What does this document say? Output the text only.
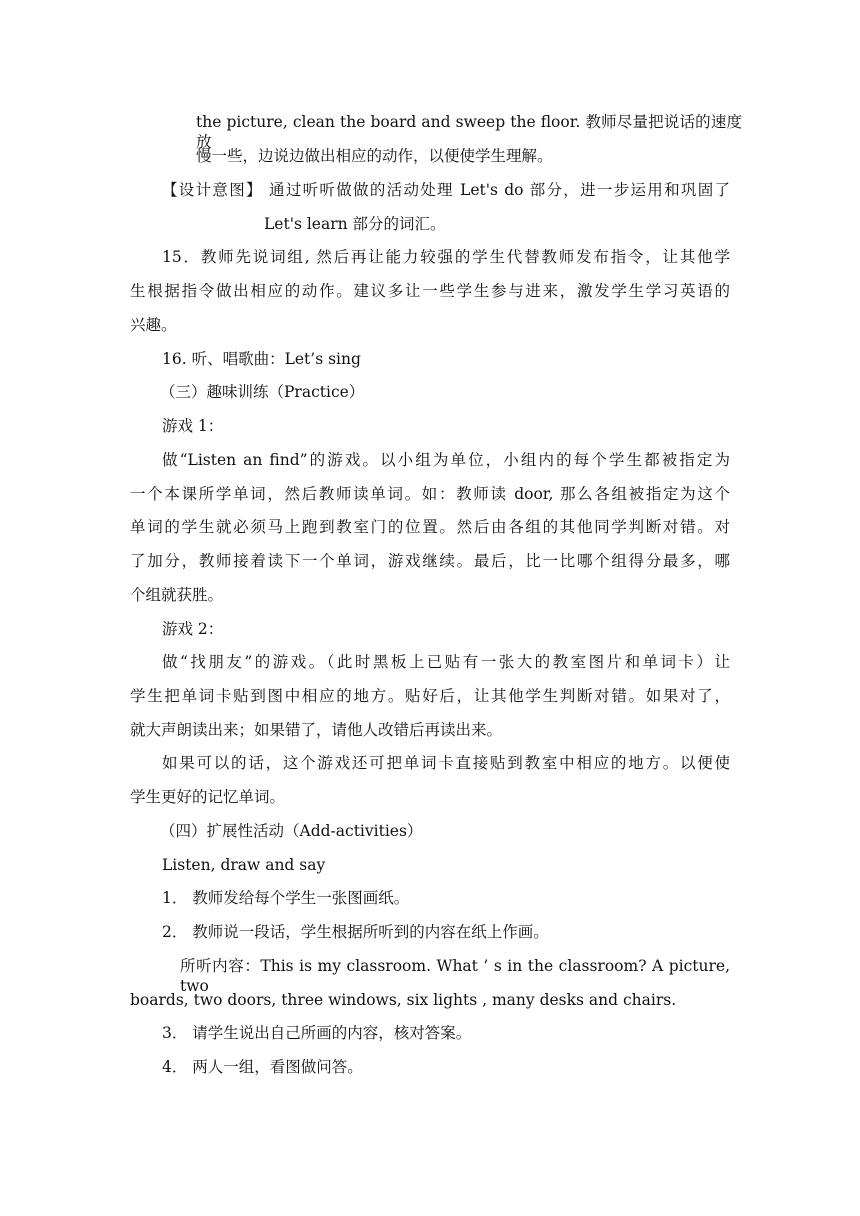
the picture, clean the board and sweep the floor. 教师尽量把说话的速度放
慢一些，边说边做出相应的动作，以便使学生理解。
【设计意图】 通过听听做做的活动处理 Let's do 部分，进一步运用和巩固了
Let's learn 部分的词汇。
15．教师先说词组, 然后再让能力较强的学生代替教师发布指令，让其他学
生根据指令做出相应的动作。建议多让一些学生参与进来，激发学生学习英语的
兴趣。
16. 听、唱歌曲：Let’s sing
（三）趣味训练（Practice）
游戏 1：
做“Listen an find”的游戏。以小组为单位，小组内的每个学生都被指定为
一个本课所学单词，然后教师读单词。如：教师读 door, 那么各组被指定为这个
单词的学生就必须马上跑到教室门的位置。然后由各组的其他同学判断对错。对
了加分，教师接着读下一个单词，游戏继续。最后，比一比哪个组得分最多，哪
个组就获胜。
游戏 2：
做“找朋友”的游戏。（此时黑板上已贴有一张大的教室图片和单词卡）让
学生把单词卡贴到图中相应的地方。贴好后，让其他学生判断对错。如果对了，
就大声朗读出来；如果错了，请他人改错后再读出来。
如果可以的话，这个游戏还可把单词卡直接贴到教室中相应的地方。以便使
学生更好的记忆单词。
（四）扩展性活动（Add-activities）
Listen, draw and say
1． 教师发给每个学生一张图画纸。
2． 教师说一段话，学生根据所听到的内容在纸上作画。
所听内容：This is my classroom. What ’ s in the classroom? A picture, two
boards, two doors, three windows, six lights , many desks and chairs.
3． 请学生说出自己所画的内容，核对答案。
4． 两人一组，看图做问答。
